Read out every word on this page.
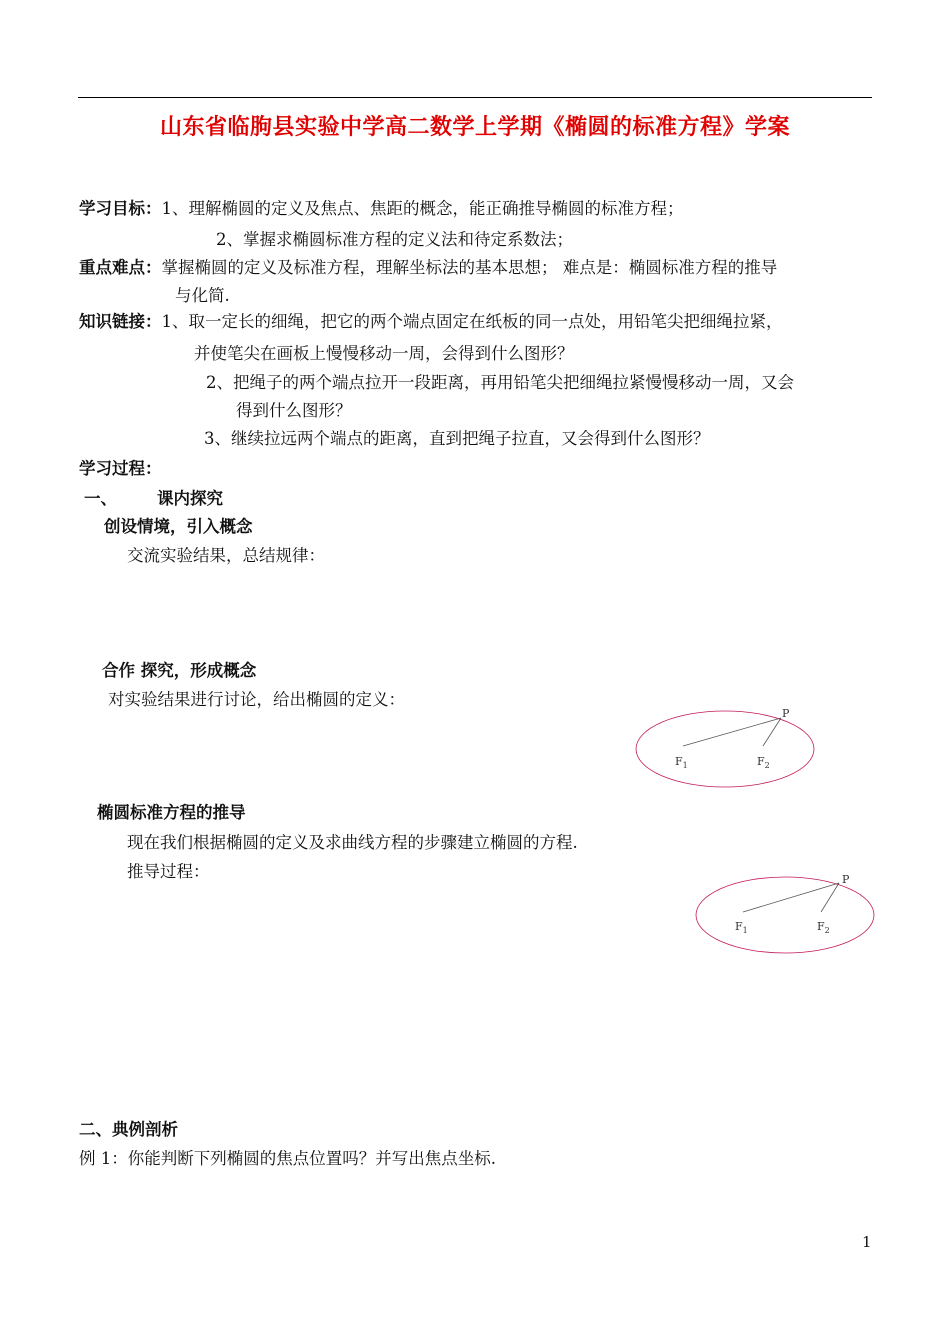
山东省临朐县实验中学高二数学上学期《椭圆的标准方程》学案
学习目标：1、理解椭圆的定义及焦点、焦距的概念，能正确推导椭圆的标准方程；
2、掌握求椭圆标准方程的定义法和待定系数法；
重点难点：掌握椭圆的定义及标准方程，理解坐标法的基本思想； 难点是：椭圆标准方程的推导
与化简.
知识链接：1、取一定长的细绳，把它的两个端点固定在纸板的同一点处，用铅笔尖把细绳拉紧，
并使笔尖在画板上慢慢移动一周，会得到什么图形？
2、把绳子的两个端点拉开一段距离，再用铅笔尖把细绳拉紧慢慢移动一周，又会
得到什么图形？
3、继续拉远两个端点的距离，直到把绳子拉直，又会得到什么图形？
学习过程：
一、 课内探究
创设情境，引入概念
交流实验结果，总结规律：
合作 探究，形成概念
对实验结果进行讨论，给出椭圆的定义：
P
$F_1$	$F_2$
椭圆标准方程的推导
现在我们根据椭圆的定义及求曲线方程的步骤建立椭圆的方程.
推导过程：	P
$F_1$	$F_2$
二、典例剖析
例 1：你能判断下列椭圆的焦点位置吗？并写出焦点坐标.
1
